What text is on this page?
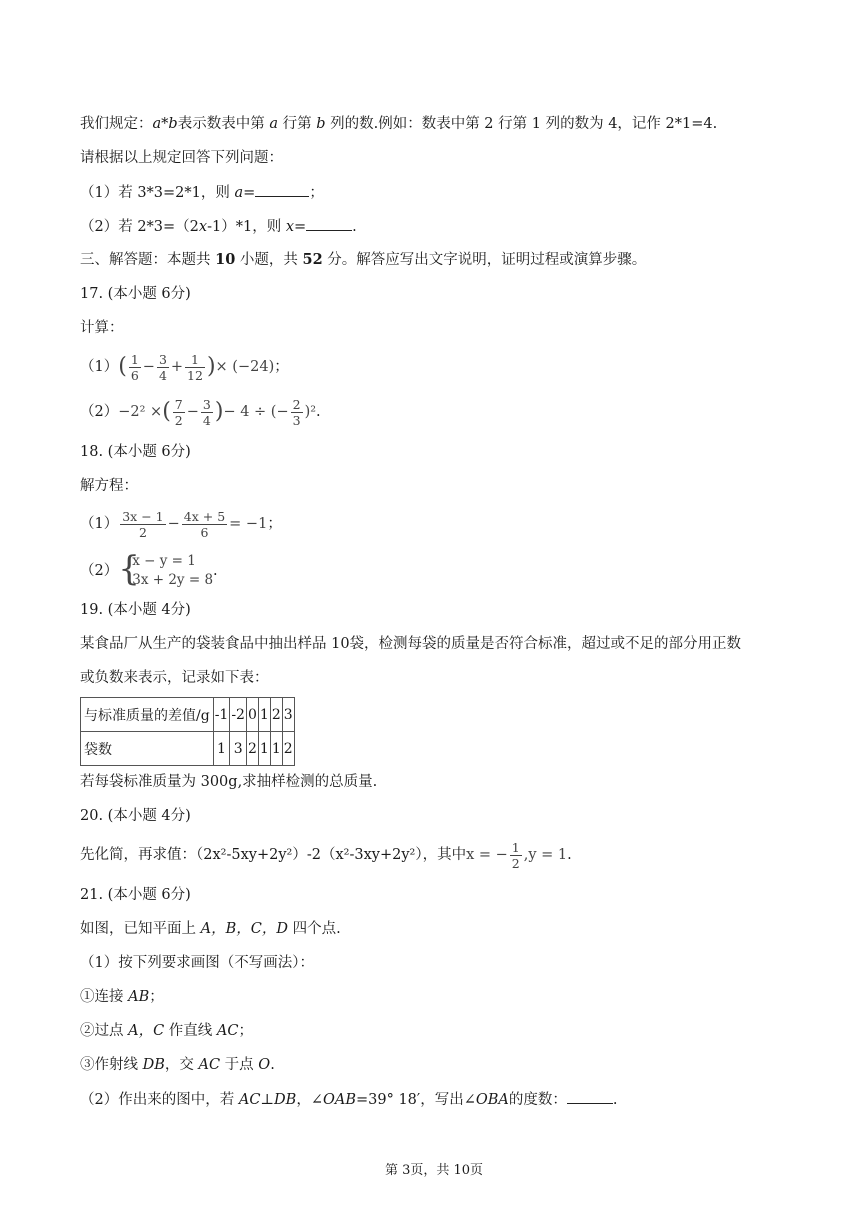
我们规定：a*b表示数表中第 a 行第 b 列的数.例如：数表中第 2 行第 1 列的数为 4，记作 2*1=4.
请根据以上规定回答下列问题：
（1）若 3*3=2*1，则 a=	；
（2）若 2*3=（2x-1）*1，则 x=	.
三、解答题：本题共 10 小题，共 52 分。解答应写出文字说明，证明过程或演算步骤。
17. (本小题 6分)
计算：
$(1)( \frac{1}{6} - \frac{3}{4} + \frac{1}{12}$ )× (−24)；
（2）−2² ×( $\frac{7}{2} - \frac{3}{4}$ )− 4 ÷ (− $\frac{2}{3} )^2$.
18. (本小题 6分)
解方程：
$(1) \frac{3x - 1}{2} - \frac{4x + 5}{6} = -1$；
（2） {
x − y = 1
3x + 2y = 8
.
19. (本小题 4分)
某食品厂从生产的袋装食品中抽出样品 10袋，检测每袋的质量是否符合标准，超过或不足的部分用正数
或负数来表示，记录如下表：
与标准质量的差值/g	-1	-2	0	1	2	3
袋数	1	3	2	1	1	2
若每袋标准质量为 300g,求抽样检测的总质量.
20. (本小题 4分)
先化简，再求值：（2x²-5xy+2y²）-2（x²-3xy+2y²），其中x = − $\frac{1}{2} ,y = 1$.
21. (本小题 6分)
如图，已知平面上 A，B，C，D 四个点.
（1）按下列要求画图（不写画法）：
①连接 AB；
②过点 A，C 作直线 AC；
③作射线 DB，交 AC 于点 O.
（2）作出来的图中，若 AC⊥DB，∠OAB=39° 18′，写出∠OBA的度数：	.
第 3页，共 10页
